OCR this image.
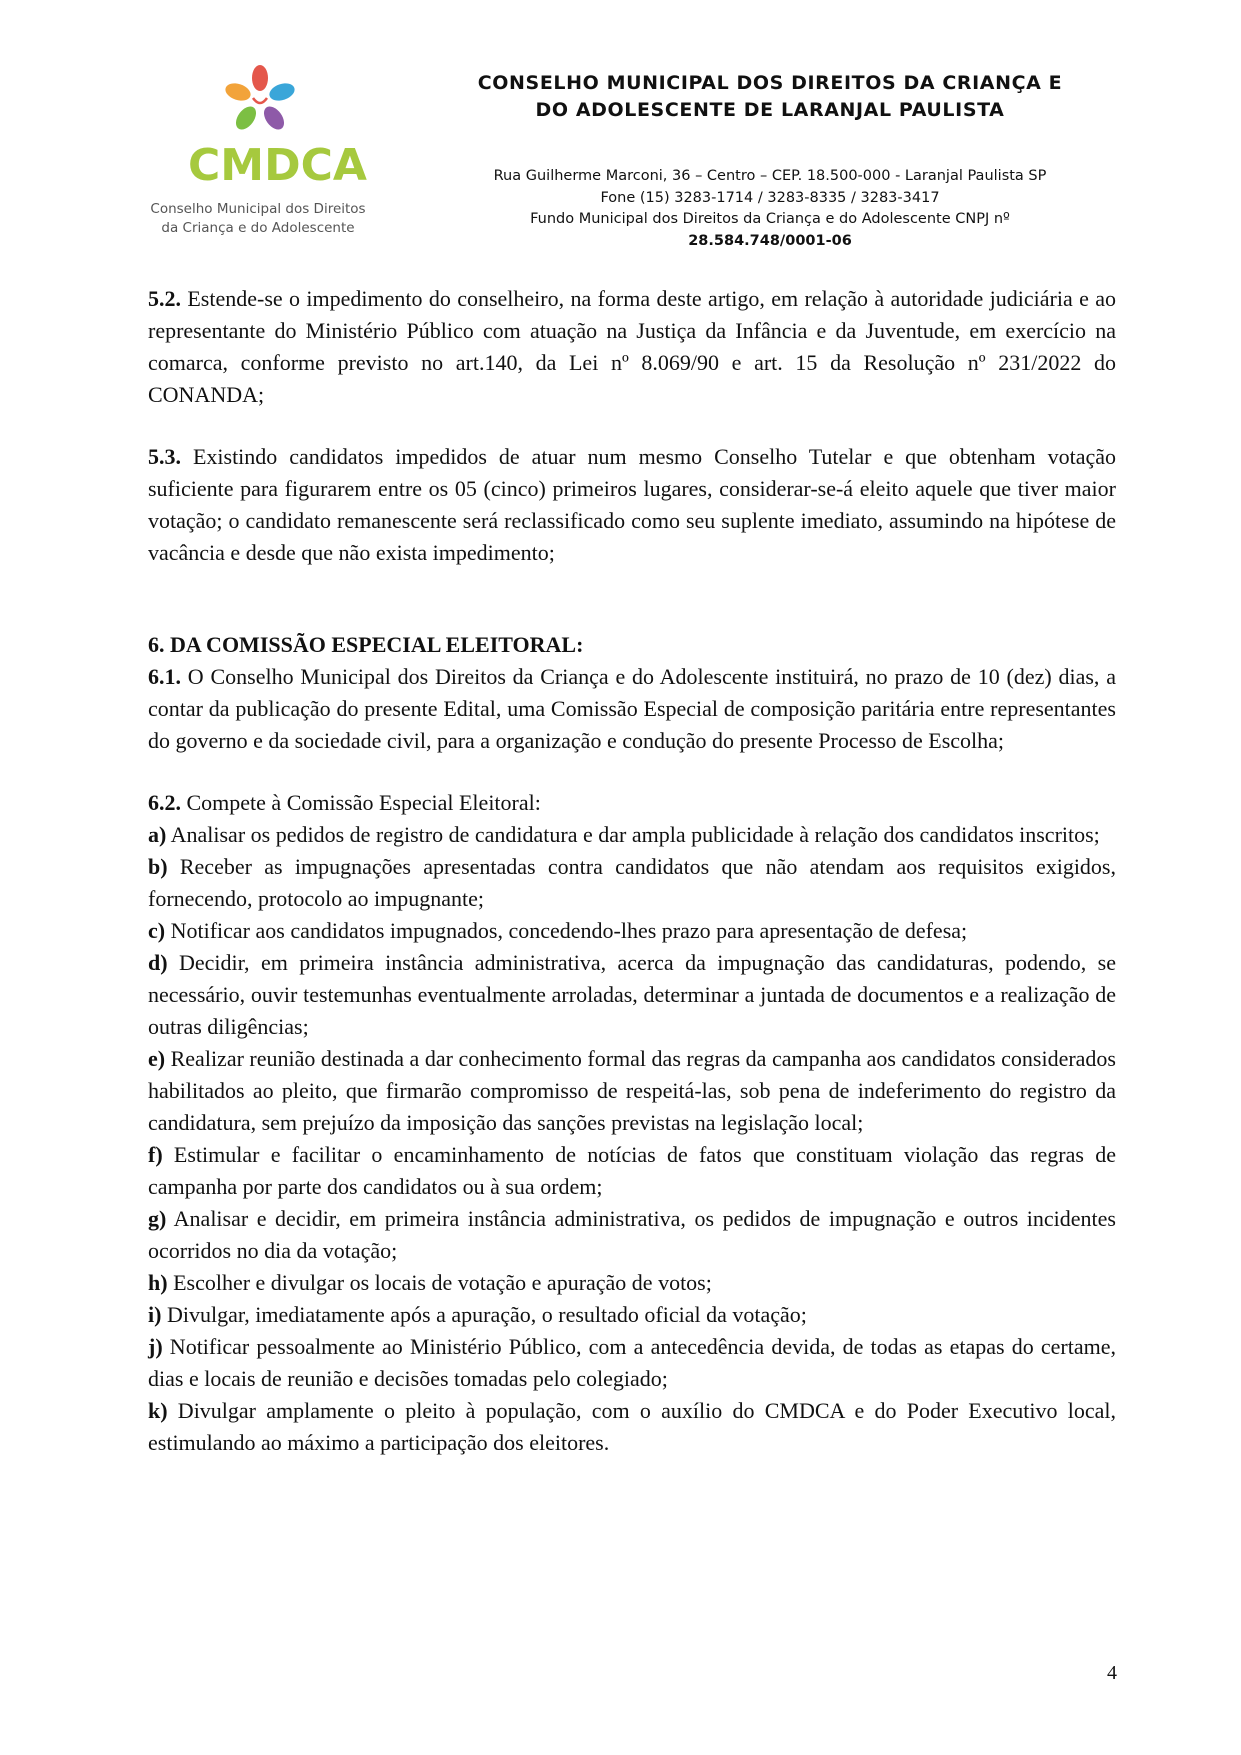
CMDCA
Conselho Municipal dos Direitos
da Criança e do Adolescente
CONSELHO MUNICIPAL DOS DIREITOS DA CRIANÇA E
DO ADOLESCENTE DE LARANJAL PAULISTA
Rua Guilherme Marconi, 36 – Centro – CEP. 18.500-000 - Laranjal Paulista SP
Fone (15) 3283-1714 / 3283-8335 / 3283-3417
Fundo Municipal dos Direitos da Criança e do Adolescente CNPJ nº
28.584.748/0001-06

5.2. Estende-se o impedimento do conselheiro, na forma deste artigo, em relação à autoridade judiciária e ao representante do Ministério Público com atuação na Justiça da Infância e da Juventude, em exercício na comarca, conforme previsto no art.140, da Lei nº 8.069/90 e art. 15 da Resolução nº 231/2022 do CONANDA;

5.3. Existindo candidatos impedidos de atuar num mesmo Conselho Tutelar e que obtenham votação suficiente para figurarem entre os 05 (cinco) primeiros lugares, considerar-se-á eleito aquele que tiver maior votação; o candidato remanescente será reclassificado como seu suplente imediato, assumindo na hipótese de vacância e desde que não exista impedimento;

6. DA COMISSÃO ESPECIAL ELEITORAL:

6.1. O Conselho Municipal dos Direitos da Criança e do Adolescente instituirá, no prazo de 10 (dez) dias, a contar da publicação do presente Edital, uma Comissão Especial de composição paritária entre representantes do governo e da sociedade civil, para a organização e condução do presente Processo de Escolha;

6.2. Compete à Comissão Especial Eleitoral:

a) Analisar os pedidos de registro de candidatura e dar ampla publicidade à relação dos candidatos inscritos;

b) Receber as impugnações apresentadas contra candidatos que não atendam aos requisitos exigidos, fornecendo, protocolo ao impugnante;

c) Notificar aos candidatos impugnados, concedendo-lhes prazo para apresentação de defesa;

d) Decidir, em primeira instância administrativa, acerca da impugnação das candidaturas, podendo, se necessário, ouvir testemunhas eventualmente arroladas, determinar a juntada de documentos e a realização de outras diligências;

e) Realizar reunião destinada a dar conhecimento formal das regras da campanha aos candidatos considerados habilitados ao pleito, que firmarão compromisso de respeitá-las, sob pena de indeferimento do registro da candidatura, sem prejuízo da imposição das sanções previstas na legislação local;

f) Estimular e facilitar o encaminhamento de notícias de fatos que constituam violação das regras de campanha por parte dos candidatos ou à sua ordem;

g) Analisar e decidir, em primeira instância administrativa, os pedidos de impugnação e outros incidentes ocorridos no dia da votação;

h) Escolher e divulgar os locais de votação e apuração de votos;

i) Divulgar, imediatamente após a apuração, o resultado oficial da votação;

j) Notificar pessoalmente ao Ministério Público, com a antecedência devida, de todas as etapas do certame, dias e locais de reunião e decisões tomadas pelo colegiado;

k) Divulgar amplamente o pleito à população, com o auxílio do CMDCA e do Poder Executivo local, estimulando ao máximo a participação dos eleitores.

4
